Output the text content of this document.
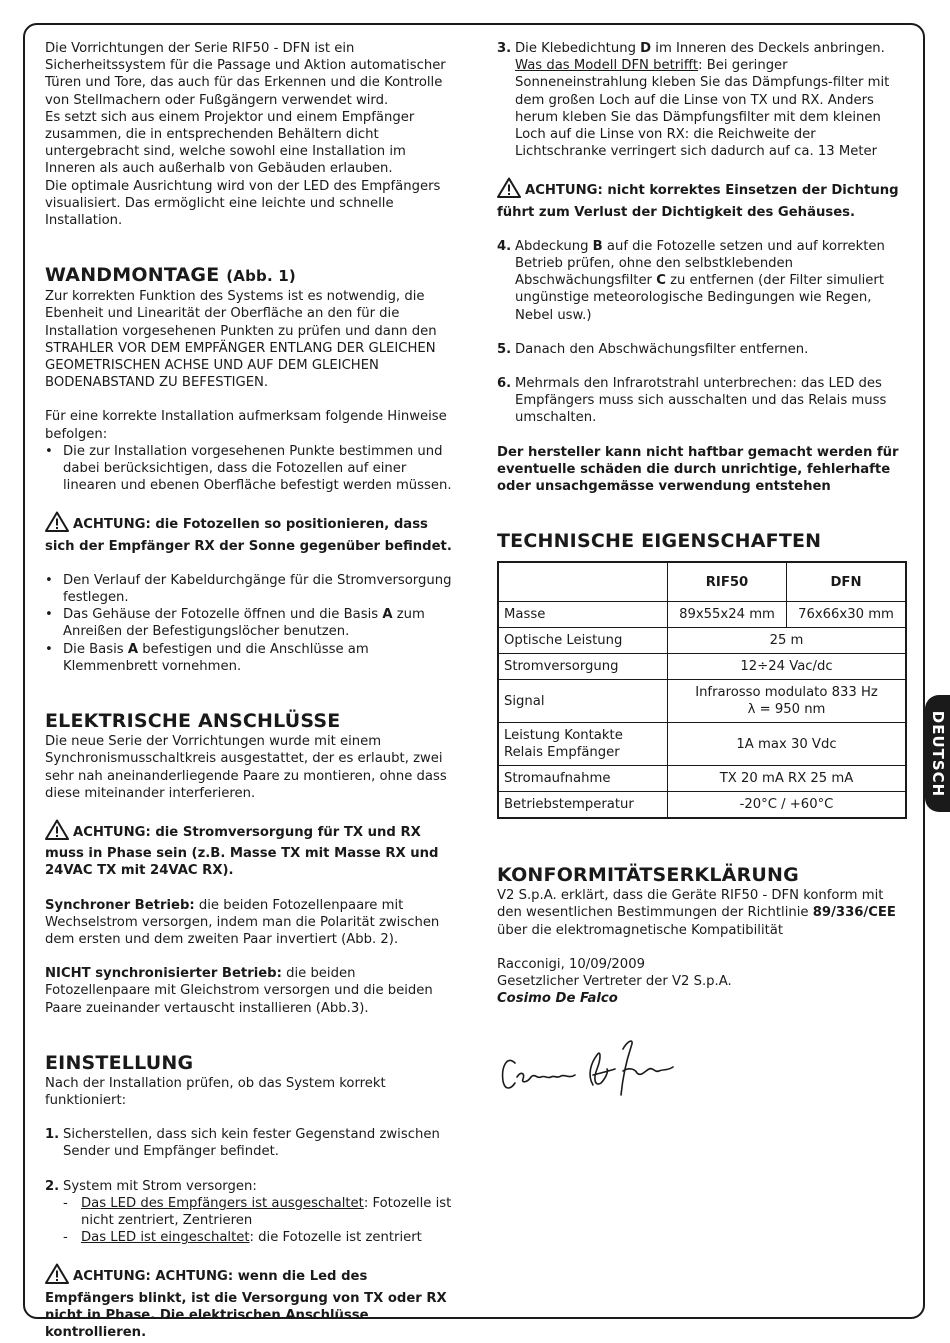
Die Vorrichtungen der Serie RIF50 - DFN ist ein Sicherheitssystem für die Passage und Aktion automatischer Türen und Tore, das auch für das Erkennen und die Kontrolle von Stellmachern oder Fußgängern verwendet wird.

Es setzt sich aus einem Projektor und einem Empfänger zusammen, die in entsprechenden Behältern dicht untergebracht sind, welche sowohl eine Installation im Inneren als auch außerhalb von Gebäuden erlauben.

Die optimale Ausrichtung wird von der LED des Empfängers visualisiert. Das ermöglicht eine leichte und schnelle Installation.

WANDMONTAGE (Abb. 1)

Zur korrekten Funktion des Systems ist es notwendig, die Ebenheit und Linearität der Oberfläche an den für die Installation vorgesehenen Punkten zu prüfen und dann den STRAHLER VOR DEM EMPFÄNGER ENTLANG DER GLEICHEN GEOMETRISCHEN ACHSE UND AUF DEM GLEICHEN BODENABSTAND ZU BEFESTIGEN.

Für eine korrekte Installation aufmerksam folgende Hinweise befolgen:

• Die zur Installation vorgesehenen Punkte bestimmen und dabei berücksichtigen, dass die Fotozellen auf einer linearen und ebenen Oberfläche befestigt werden müssen.

ACHTUNG: die Fotozellen so positionieren, dass sich der Empfänger RX der Sonne gegenüber befindet.

• Den Verlauf der Kabeldurchgänge für die Stromversorgung festlegen.
• Das Gehäuse der Fotozelle öffnen und die Basis A zum Anreißen der Befestigungslöcher benutzen.
• Die Basis A befestigen und die Anschlüsse am Klemmenbrett vornehmen.
ELEKTRISCHE ANSCHLÜSSE

Die neue Serie der Vorrichtungen wurde mit einem Synchronismusschaltkreis ausgestattet, der es erlaubt, zwei sehr nah aneinanderliegende Paare zu montieren, ohne dass diese miteinander interferieren.

ACHTUNG: die Stromversorgung für TX und RX muss in Phase sein (z.B. Masse TX mit Masse RX und
24VAC TX mit 24VAC RX).

Synchroner Betrieb: die beiden Fotozellenpaare mit Wechselstrom versorgen, indem man die Polarität zwischen dem ersten und dem zweiten Paar invertiert (Abb. 2).

NICHT synchronisierter Betrieb: die beiden Fotozellenpaare mit Gleichstrom versorgen und die beiden Paare zueinander vertauscht installieren (Abb.3).

EINSTELLUNG

Nach der Installation prüfen, ob das System korrekt funktioniert:

1. Sicherstellen, dass sich kein fester Gegenstand zwischen Sender und Empfänger befindet.
2. System mit Strom versorgen:
-	Das LED des Empfängers ist ausgeschaltet: Fotozelle ist nicht zentriert, Zentrieren
-	Das LED ist eingeschaltet: die Fotozelle ist zentriert

ACHTUNG: ACHTUNG: wenn die Led des Empfängers blinkt, ist die Versorgung von TX oder RX nicht in Phase. Die elektrischen Anschlüsse kontrollieren.

3. Die Klebedichtung D im Inneren des Deckels anbringen.
Was das Modell DFN betrifft: Bei geringer Sonneneinstrahlung kleben Sie das Dämpfungs-filter mit dem großen Loch auf die Linse von TX und RX. Anders herum kleben Sie das Dämpfungsfilter mit dem kleinen Loch auf die Linse von RX: die Reichweite der Lichtschranke verringert sich dadurch auf ca. 13 Meter

ACHTUNG: nicht korrektes Einsetzen der Dichtung führt zum Verlust der Dichtigkeit des Gehäuses.

4. Abdeckung B auf die Fotozelle setzen und auf korrekten Betrieb prüfen, ohne den selbstklebenden Abschwächungsfilter C zu entfernen (der Filter simuliert ungünstige meteorologische Bedingungen wie Regen, Nebel usw.)
5. Danach den Abschwächungsfilter entfernen.
6. Mehrmals den Infrarotstrahl unterbrechen: das LED des Empfängers muss sich ausschalten und das Relais muss umschalten.

Der hersteller kann nicht haftbar gemacht werden für eventuelle schäden die durch unrichtige, fehlerhafte oder unsachgemässe verwendung entstehen

TECHNISCHE EIGENSCHAFTEN
	RIF50	DFN
Masse	89x55x24 mm	76x66x30 mm
Optische Leistung	25 m	
Stromversorgung	12÷24 Vac/dc	
Signal	Infrarosso modulato 833 Hz
λ = 950 nm	
Leistung Kontakte Relais Empfänger	1A max 30 Vdc	
Stromaufnahme	TX 20 mA RX 25 mA	
Betriebstemperatur	-20°C / +60°C	
KONFORMITÄTSERKLÄRUNG

V2 S.p.A. erklärt, dass die Geräte RIF50 - DFN konform mit den wesentlichen Bestimmungen der Richtlinie 89/336/CEE über die elektromagnetische Kompatibilität

Racconigi, 10/09/2009

Gesetzlicher Vertreter der V2 S.p.A.

Cosimo De Falco

DEUTSCH
